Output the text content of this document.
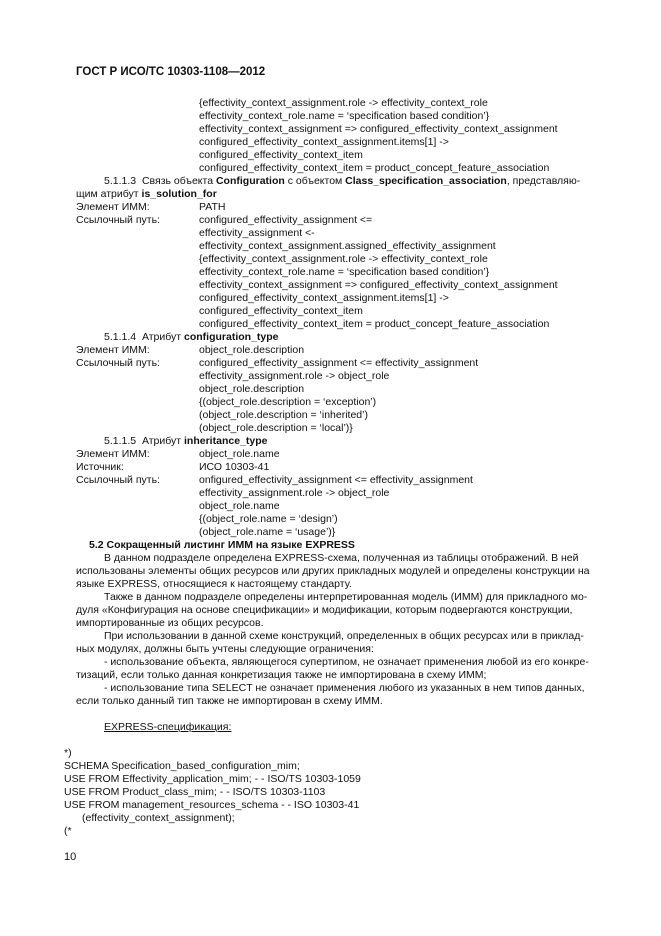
ГОСТ Р ИСО/ТС 10303-1108—2012
{effectivity_context_assignment.role -> effectivity_context_role
effectivity_context_role.name = ‘specification based condition’}
effectivity_context_assignment => configured_effectivity_context_assignment
configured_effectivity_context_assignment.items[1] ->
configured_effectivity_context_item
configured_effectivity_context_item = product_concept_feature_association
5.1.1.3 Связь объекта Configuration с объектом Class_specification_association, представляю-
щим атрибут is_solution_for
Элемент ИММ:	PATH
Ссылочный путь:	configured_effectivity_assignment <=
effectivity_assignment <-
effectivity_context_assignment.assigned_effectivity_assignment
{effectivity_context_assignment.role -> effectivity_context_role
effectivity_context_role.name = ‘specification based condition’}
effectivity_context_assignment => configured_effectivity_context_assignment
configured_effectivity_context_assignment.items[1] ->
configured_effectivity_context_item
configured_effectivity_context_item = product_concept_feature_association
5.1.1.4 Атрибут configuration_type
Элемент ИММ:	object_role.description
Ссылочный путь:	configured_effectivity_assignment <= effectivity_assignment
effectivity_assignment.role -> object_role
object_role.description
{(object_role.description = ‘exception’)
(object_role.description = ‘inherited’)
(object_role.description = ‘local’)}
5.1.1.5 Атрибут inheritance_type
Элемент ИММ:	object_role.name
Источник:	ИСО 10303-41
Ссылочный путь:	onfigured_effectivity_assignment <= effectivity_assignment
effectivity_assignment.role -> object_role
object_role.name
{(object_role.name = ‘design’)
(object_role.name = ‘usage’)}
5.2 Сокращенный листинг ИММ на языке EXPRESS
В данном подразделе определена EXPRESS-схема, полученная из таблицы отображений. В ней
использованы элементы общих ресурсов или других прикладных модулей и определены конструкции на
языке EXPRESS, относящиеся к настоящему стандарту.
Также в данном подразделе определены интерпретированная модель (ИММ) для прикладного мо-
дуля «Конфигурация на основе спецификации» и модификации, которым подвергаются конструкции,
импортированные из общих ресурсов.
При использовании в данной схеме конструкций, определенных в общих ресурсах или в приклад-
ных модулях, должны быть учтены следующие ограничения:
- использование объекта, являющегося супертипом, не означает применения любой из его конкре-
тизаций, если только данная конкретизация также не импортирована в схему ИММ;
- использование типа SELECT не означает применения любого из указанных в нем типов данных,
если только данный тип также не импортирован в схему ИММ.
EXPRESS-спецификация:
*)
SCHEMA Specification_based_configuration_mim;
USE FROM Effectivity_application_mim; - - ISO/TS 10303-1059
USE FROM Product_class_mim; - - ISO/TS 10303-1103
USE FROM management_resources_schema - - ISO 10303-41
(effectivity_context_assignment);
(*
10
